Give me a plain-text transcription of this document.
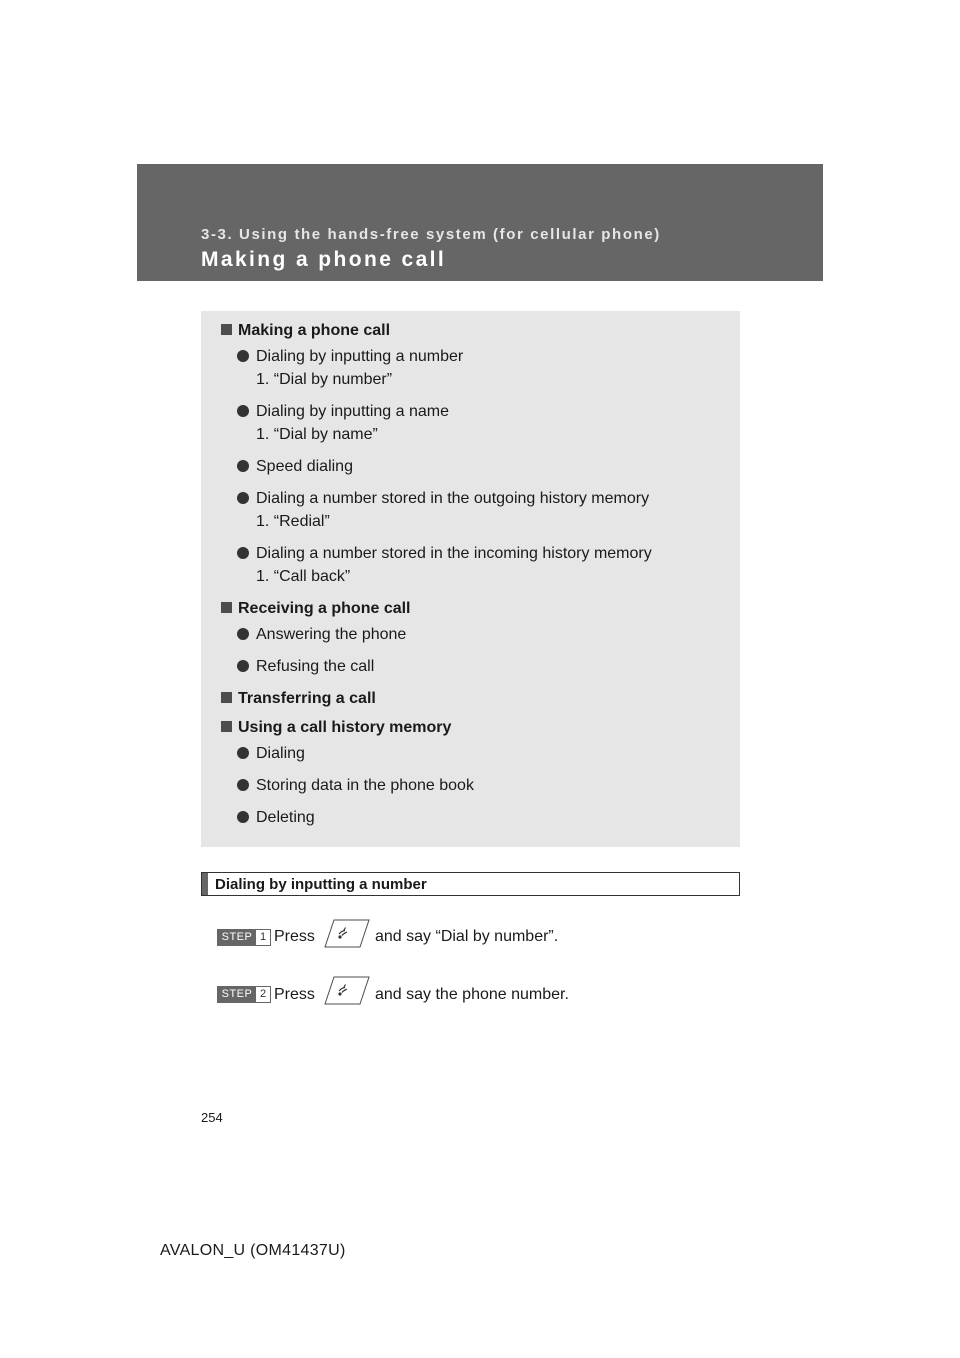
3-3. Using the hands-free system (for cellular phone)
Making a phone call
Making a phone call
Dialing by inputting a number
1. “Dial by number”
Dialing by inputting a name
1. “Dial by name”
Speed dialing
Dialing a number stored in the outgoing history memory
1. “Redial”
Dialing a number stored in the incoming history memory
1. “Call back”
Receiving a phone call
Answering the phone
Refusing the call
Transferring a call
Using a call history memory
Dialing
Storing data in the phone book
Deleting
Dialing by inputting a number
STEP 1 Press	and say “Dial by number”.
STEP 2 Press	and say the phone number.
254
AVALON_U (OM41437U)
